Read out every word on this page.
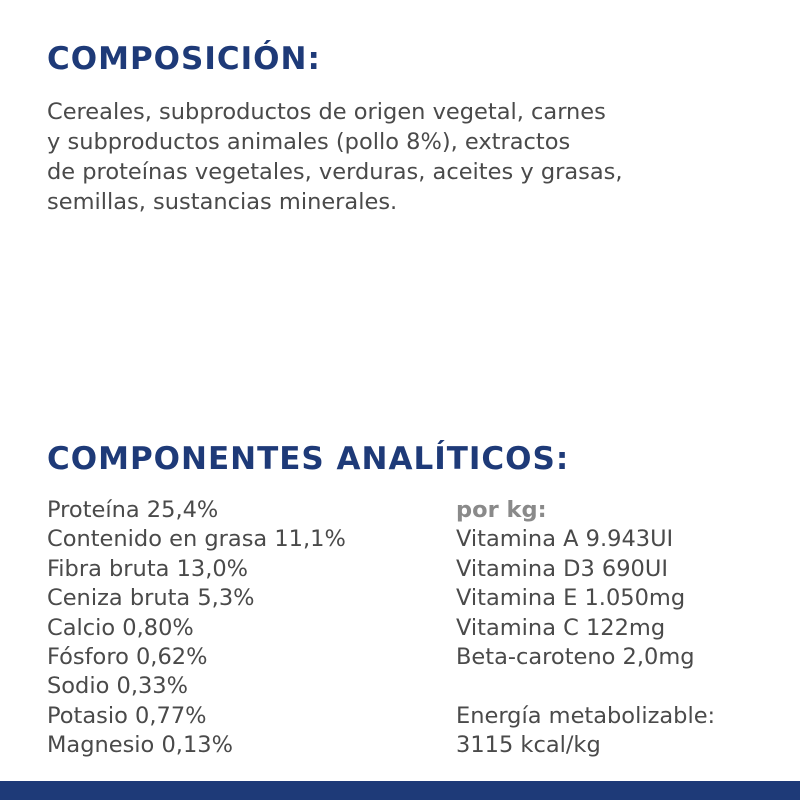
COMPOSICIÓN:

Cereales, subproductos de origen vegetal, carnes
y subproductos animales (pollo 8%), extractos
de proteínas vegetales, verduras, aceites y grasas,
semillas, sustancias minerales.

COMPONENTES ANALÍTICOS:
Proteína 25,4%
Contenido en grasa 11,1%
Fibra bruta 13,0%
Ceniza bruta 5,3%
Calcio 0,80%
Fósforo 0,62%
Sodio 0,33%
Potasio 0,77%
Magnesio 0,13%
por kg:
Vitamina A 9.943UI
Vitamina D3 690UI
Vitamina E 1.050mg
Vitamina C 122mg
Beta-caroteno 2,0mg
Energía metabolizable:
3115 kcal/kg
